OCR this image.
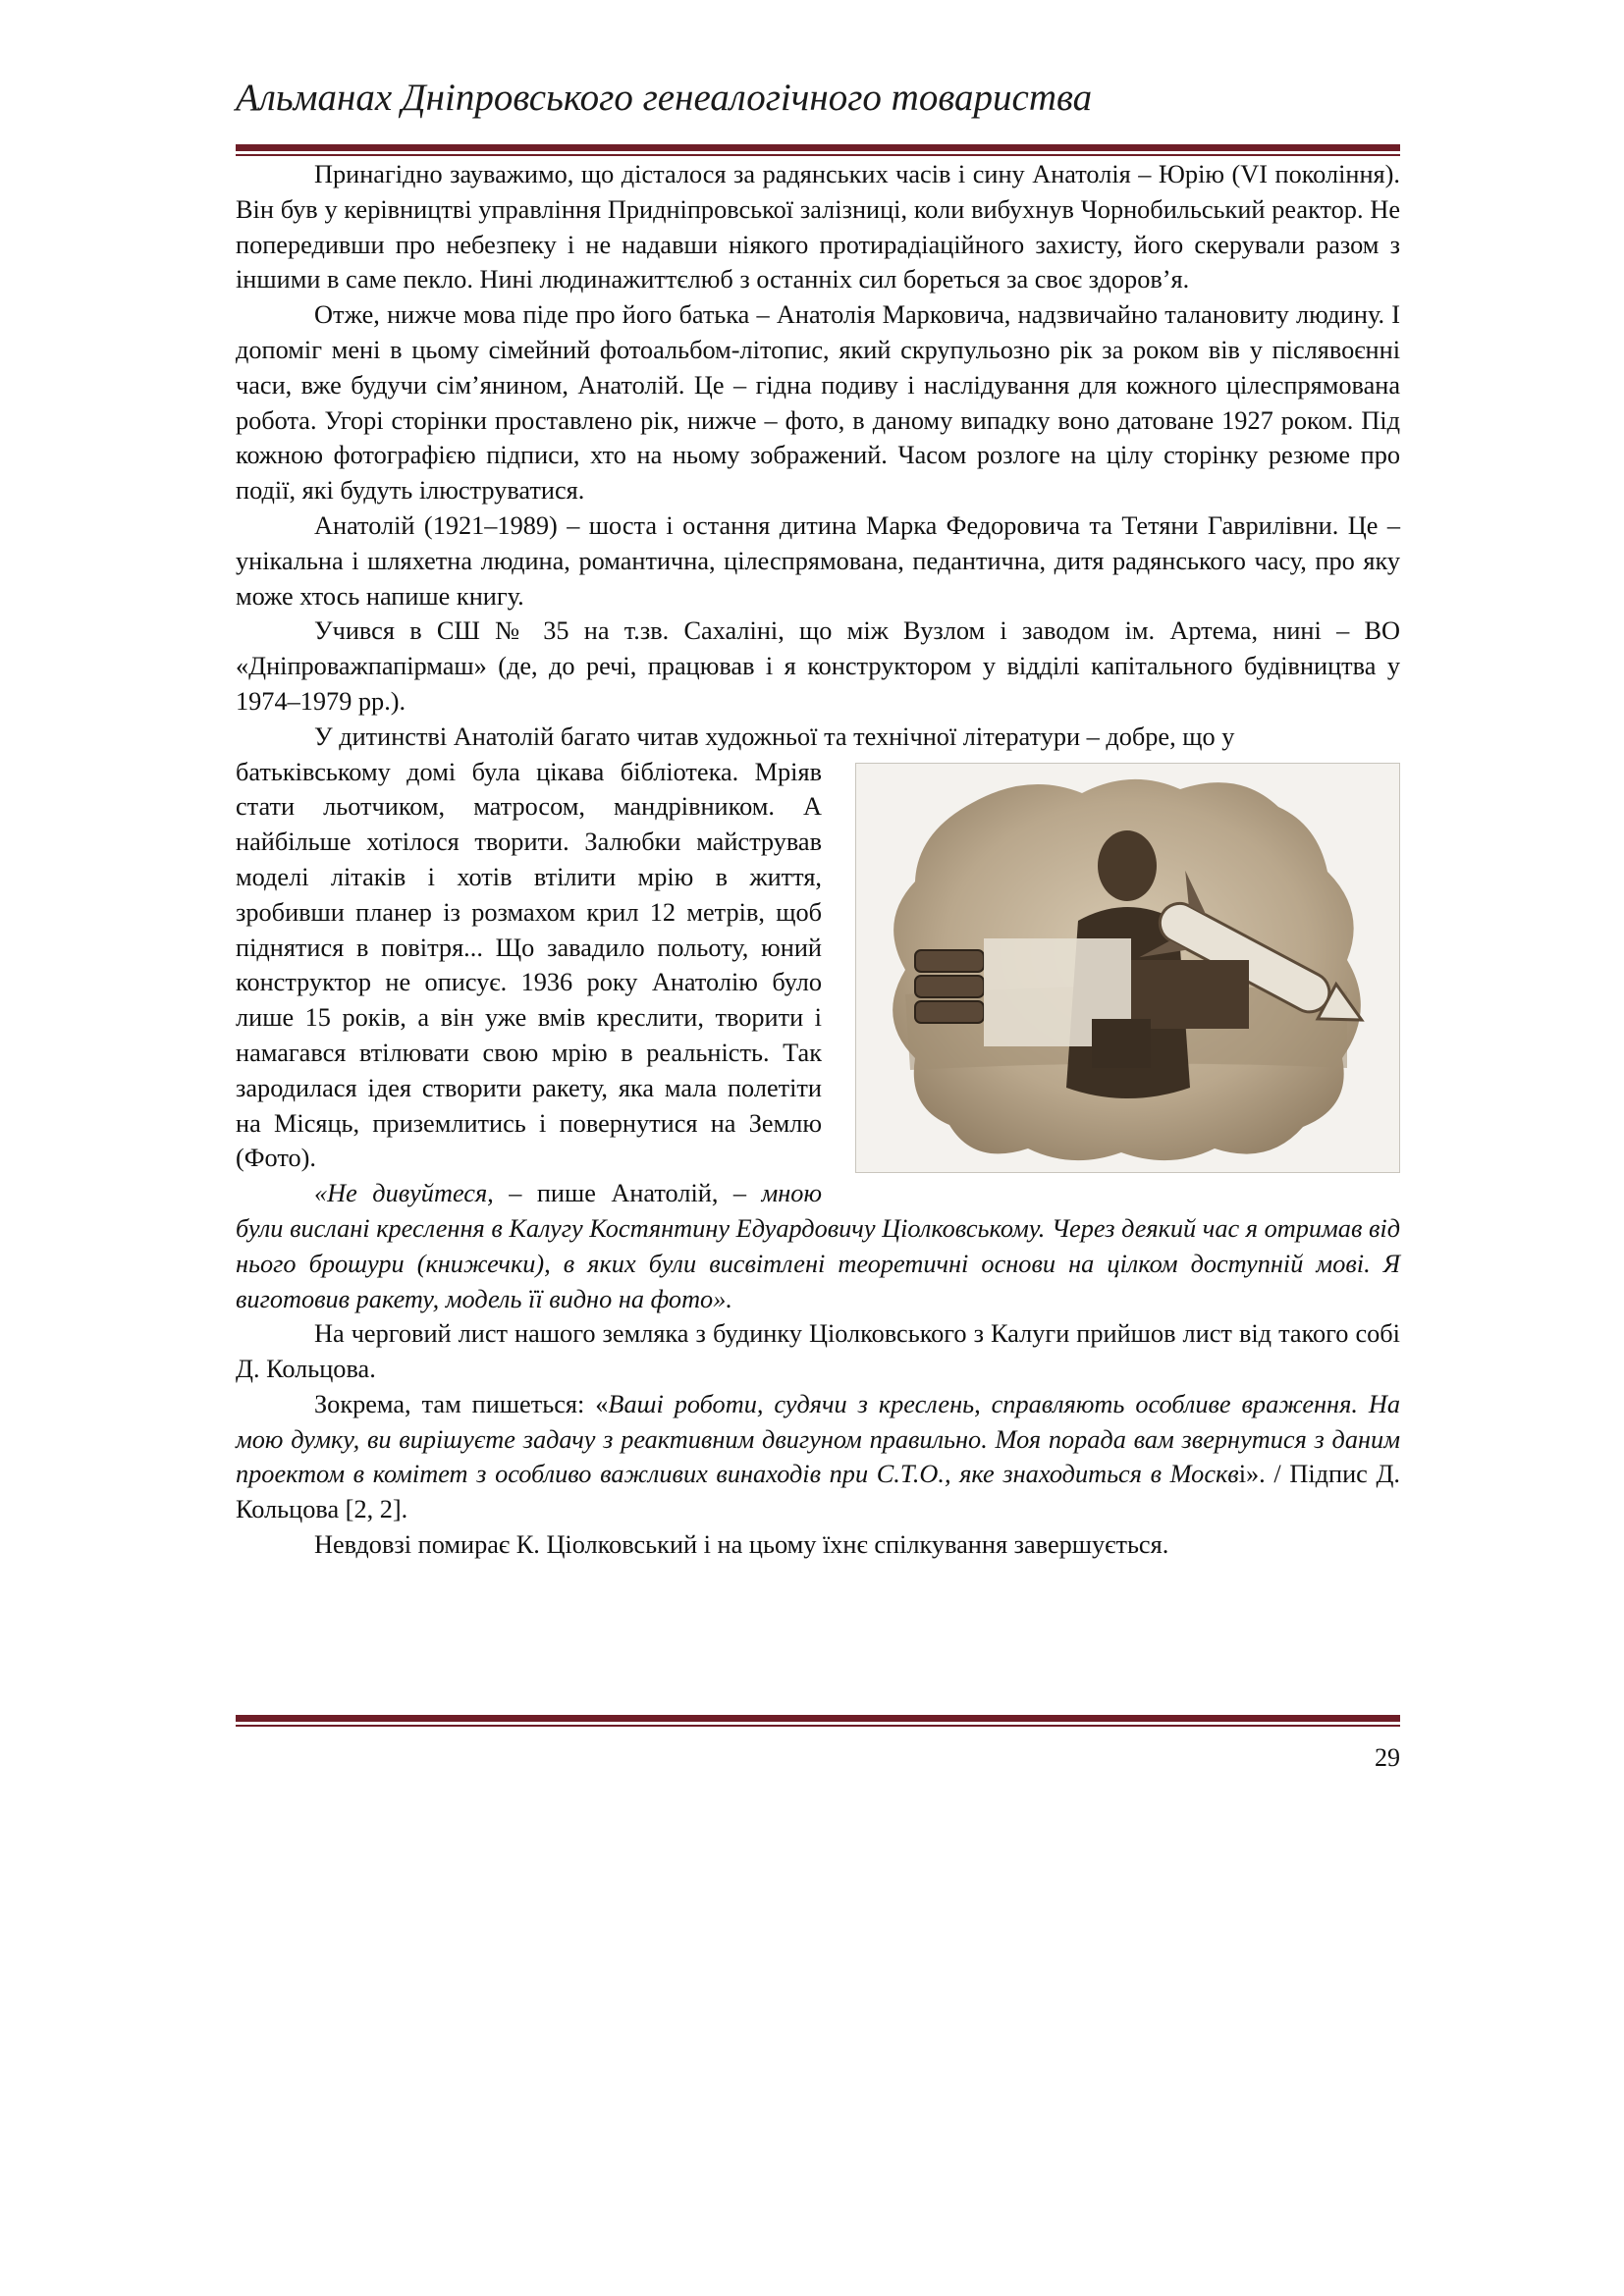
Альманах Дніпровського генеалогічного товариства

Принагідно зауважимо, що дісталося за радянських часів і сину Анатолія – Юрію (VI покоління). Він був у керівництві управління Придніпровської залізниці, коли вибухнув Чорнобильський реактор. Не попередивши про небезпеку і не надавши ніякого протирадіаційного захисту, його скерували разом з іншими в саме пекло. Нині людинажиттєлюб з останніх сил бореться за своє здоров’я.

Отже, нижче мова піде про його батька – Анатолія Марковича, надзвичайно талановиту людину. І допоміг мені в цьому сімейний фотоальбом-літопис, який скрупульозно рік за роком вів у післявоєнні часи, вже будучи сім’янином, Анатолій. Це – гідна подиву і наслідування для кожного цілеспрямована робота. Угорі сторінки проставлено рік, нижче – фото, в даному випадку воно датоване 1927 роком. Під кожною фотографією підписи, хто на ньому зображений. Часом розлоге на цілу сторінку резюме про події, які будуть ілюструватися.

Анатолій (1921–1989) – шоста і остання дитина Марка Федоровича та Тетяни Гаврилівни. Це – унікальна і шляхетна людина, романтична, цілеспрямована, педантична, дитя радянського часу, про яку може хтось напише книгу.

Учився в СШ № 35 на т.зв. Сахаліні, що між Вузлом і заводом ім. Артема, нині – ВО «Дніпроважпапірмаш» (де, до речі, працював і я конструктором у відділі капітального будівництва у 1974–1979 рр.).

У дитинстві Анатолій багато читав художньої та технічної літератури – добре, що у

батьківському домі була цікава бібліотека. Мріяв стати льотчиком, матросом, мандрівником. А найбільше хотілося творити. Залюбки майстрував моделі літаків і хотів втілити мрію в життя, зробивши планер із розмахом крил 12 метрів, щоб піднятися в повітря... Що завадило польоту, юний конструктор не описує. 1936 року Анатолію було лише 15 років, а він уже вмів креслити, творити і намагався втілювати свою мрію в реальність. Так зародилася ідея створити ракету, яка мала полетіти на Місяць, приземлитись і повернутися на Землю (Фото).

«Не дивуйтеся, – пише Анатолій, – мною були вислані креслення в Калугу Костянтину Едуардовичу Ціолковському. Через деякий час я отримав від нього брошури (книжечки), в яких були висвітлені теоретичні основи на цілком доступній мові. Я виготовив ракету, модель її видно на фото».

На черговий лист нашого земляка з будинку Ціолковського з Калуги прийшов лист від такого собі Д. Кольцова.

Зокрема, там пишеться: «Ваші роботи, судячи з креслень, справляють особливе враження. На мою думку, ви вирішуєте задачу з реактивним двигуном правильно. Моя порада вам звернутися з даним проектом в комітет з особливо важливих винаходів при С.Т.О., яке знаходиться в Москві». / Підпис Д. Кольцова [2, 2].

Невдовзі помирає К. Ціолковський і на цьому їхнє спілкування завершується.

29
